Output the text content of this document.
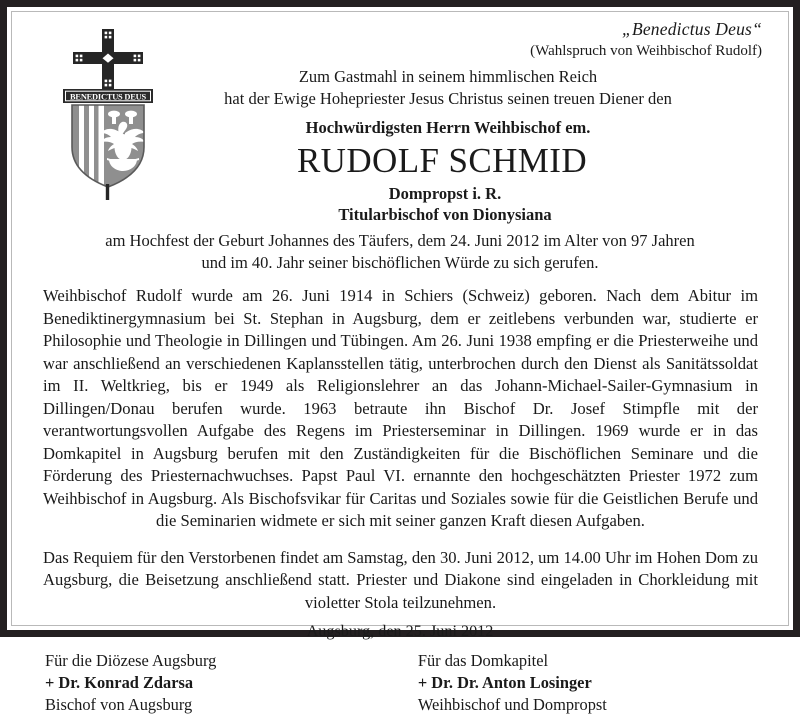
BENEDICTUS DEUS
„Benedictus Deus“
(Wahlspruch von Weihbischof Rudolf)
Zum Gastmahl in seinem himmlischen Reich
hat der Ewige Hohepriester Jesus Christus seinen treuen Diener den
Hochwürdigsten Herrn Weihbischof em.
RUDOLF SCHMID
Dompropst i. R.
Titularbischof von Dionysiana
am Hochfest der Geburt Johannes des Täufers, dem 24. Juni 2012 im Alter von 97 Jahren
und im 40. Jahr seiner bischöflichen Würde zu sich gerufen.
Weihbischof Rudolf wurde am 26. Juni 1914 in Schiers (Schweiz) geboren. Nach dem Abitur im Benediktinergymnasium bei St. Stephan in Augsburg, dem er zeitlebens verbunden war, studierte er Philosophie und Theologie in Dillingen und Tübingen. Am 26. Juni 1938 empfing er die Priesterweihe und war anschließend an verschiedenen Kaplansstellen tätig, unterbrochen durch den Dienst als Sanitätssoldat im II. Weltkrieg, bis er 1949 als Religionslehrer an das Johann-Michael-Sailer-Gymnasium in Dillingen/Donau berufen wurde. 1963 betraute ihn Bischof Dr. Josef Stimpfle mit der verantwortungsvollen Aufgabe des Regens im Priesterseminar in Dillingen. 1969 wurde er in das Domkapitel in Augsburg berufen mit den Zuständigkeiten für die Bischöflichen Seminare und die Förderung des Priesternachwuchses. Papst Paul VI. ernannte den hochgeschätzten Priester 1972 zum Weihbischof in Augsburg. Als Bischofsvikar für Caritas und Soziales sowie für die Geistlichen Berufe und die Seminarien widmete er sich mit seiner ganzen Kraft diesen Aufgaben.
Das Requiem für den Verstorbenen findet am Samstag, den 30. Juni 2012, um 14.00 Uhr im Hohen Dom zu Augsburg, die Beisetzung anschließend statt. Priester und Diakone sind eingeladen in Chorkleidung mit violetter Stola teilzunehmen.
Augsburg, den 25. Juni 2012
Für die Diözese Augsburg
+ Dr. Konrad Zdarsa
Bischof von Augsburg
Für das Domkapitel
+ Dr. Dr. Anton Losinger
Weihbischof und Dompropst
